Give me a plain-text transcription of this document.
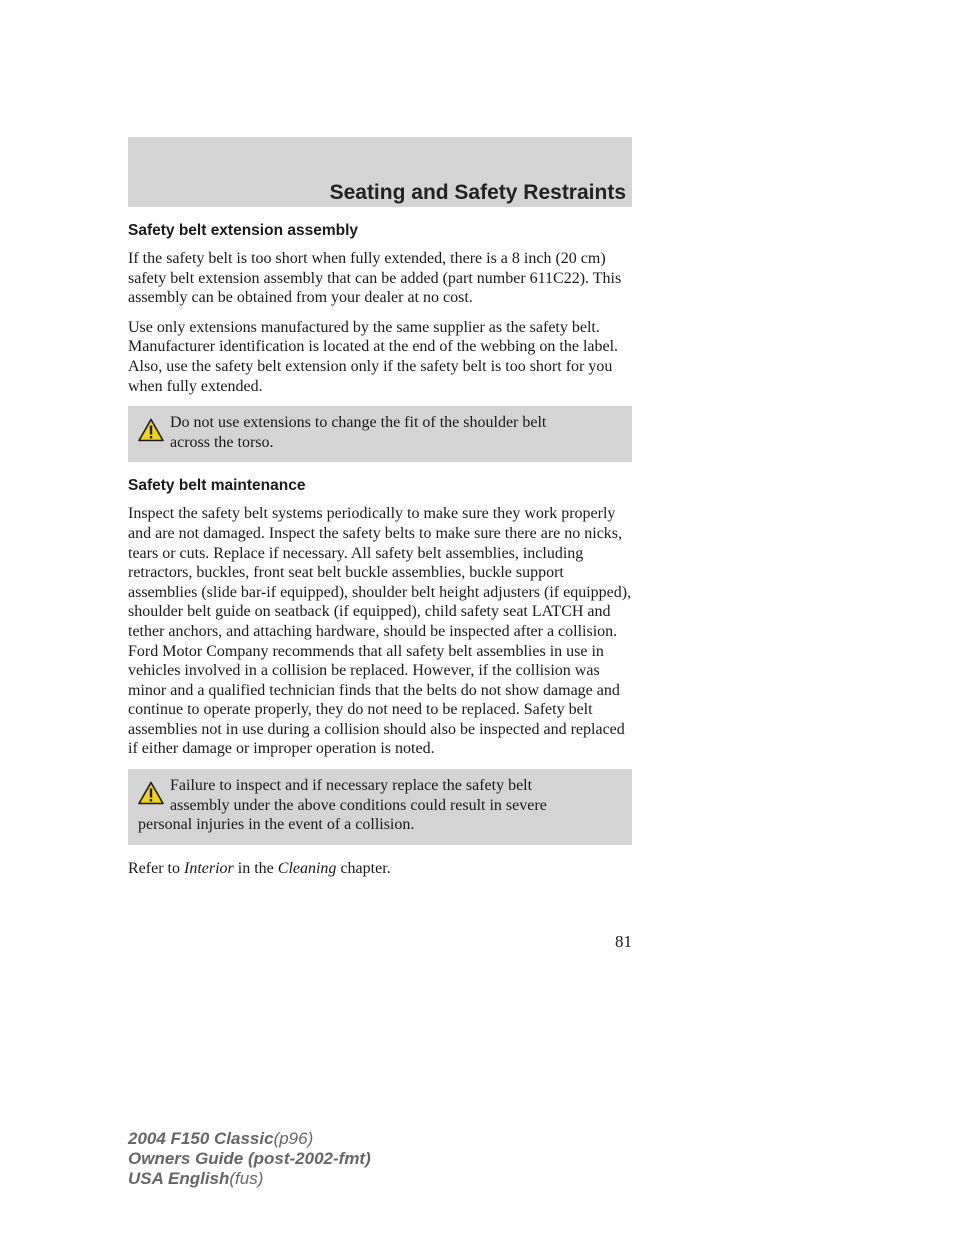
Seating and Safety Restraints
Safety belt extension assembly

If the safety belt is too short when fully extended, there is a 8 inch (20 cm) safety belt extension assembly that can be added (part number 611C22). This assembly can be obtained from your dealer at no cost.

Use only extensions manufactured by the same supplier as the safety belt. Manufacturer identification is located at the end of the webbing on the label. Also, use the safety belt extension only if the safety belt is too short for you when fully extended.

Do not use extensions to change the fit of the shoulder belt
across the torso.
Safety belt maintenance

Inspect the safety belt systems periodically to make sure they work properly and are not damaged. Inspect the safety belts to make sure there are no nicks, tears or cuts. Replace if necessary. All safety belt assemblies, including retractors, buckles, front seat belt buckle assemblies, buckle support assemblies (slide bar-if equipped), shoulder belt height adjusters (if equipped), shoulder belt guide on seatback (if equipped), child safety seat LATCH and tether anchors, and attaching hardware, should be inspected after a collision. Ford Motor Company recommends that all safety belt assemblies in use in vehicles involved in a collision be replaced. However, if the collision was minor and a qualified technician finds that the belts do not show damage and continue to operate properly, they do not need to be replaced. Safety belt assemblies not in use during a collision should also be inspected and replaced if either damage or improper operation is noted.

Failure to inspect and if necessary replace the safety belt
assembly under the above conditions could result in severe
personal injuries in the event of a collision.

Refer to Interior in the Cleaning chapter.

81
2004 F150 Classic(p96)
Owners Guide (post-2002-fmt)
USA English(fus)
